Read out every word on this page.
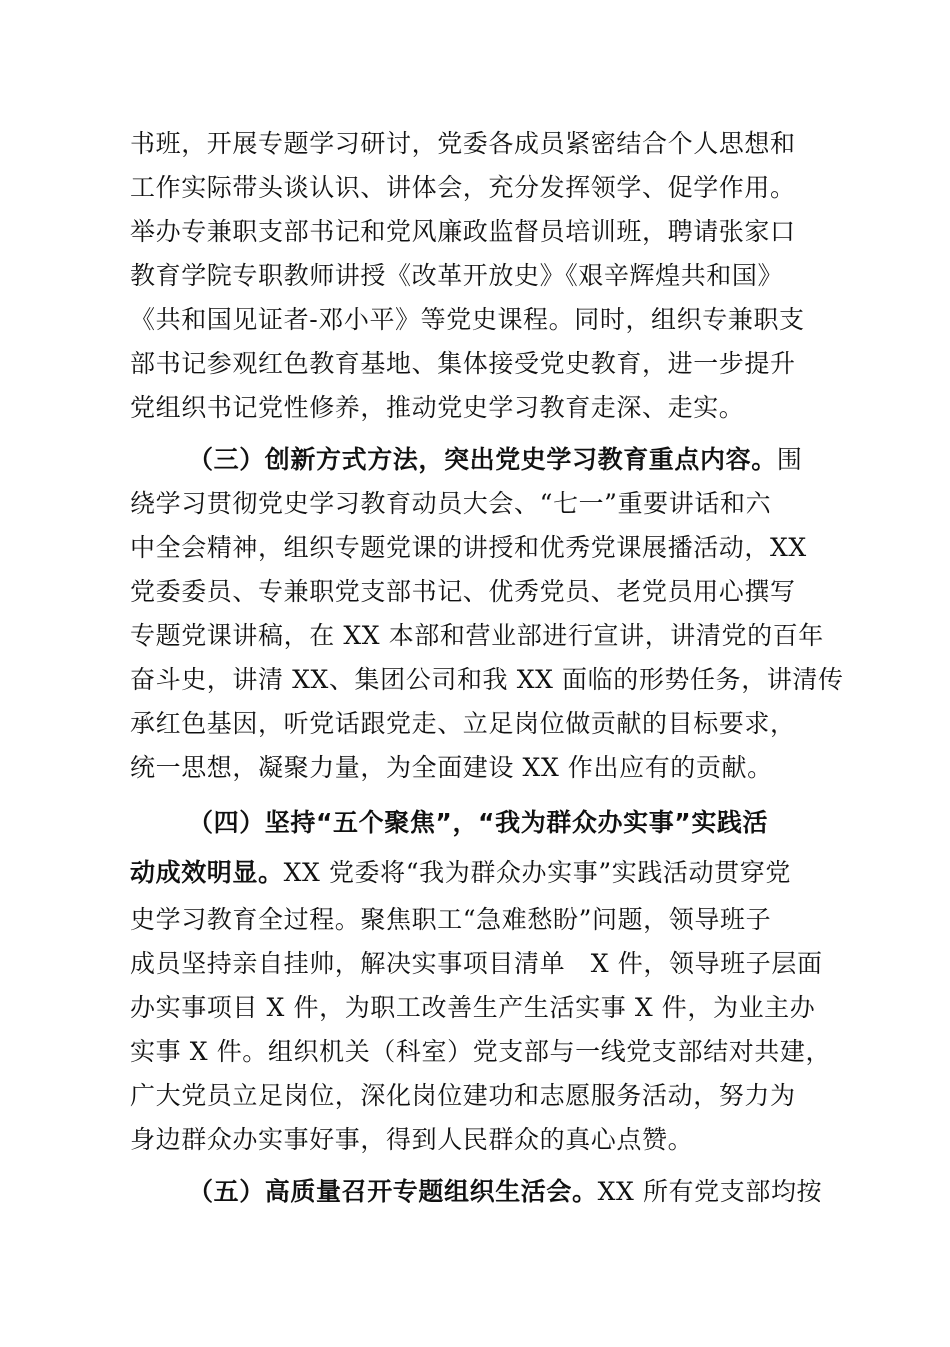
书班，开展专题学习研讨，党委各成员紧密结合个人思想和
工作实际带头谈认识、讲体会，充分发挥领学、促学作用。
举办专兼职支部书记和党风廉政监督员培训班，聘请张家口
教育学院专职教师讲授《改革开放史》《艰辛辉煌共和国》
《共和国见证者-邓小平》等党史课程。同时，组织专兼职支
部书记参观红色教育基地、集体接受党史教育，进一步提升
党组织书记党性修养，推动党史学习教育走深、走实。
（三）创新方式方法，突出党史学习教育重点内容。围
绕学习贯彻党史学习教育动员大会、“七一”重要讲话和六
中全会精神，组织专题党课的讲授和优秀党课展播活动，XX
党委委员、专兼职党支部书记、优秀党员、老党员用心撰写
专题党课讲稿，在 XX 本部和营业部进行宣讲，讲清党的百年
奋斗史，讲清 XX、集团公司和我 XX 面临的形势任务，讲清传
承红色基因，听党话跟党走、立足岗位做贡献的目标要求，
统一思想，凝聚力量，为全面建设 XX 作出应有的贡献。
（四）坚持“五个聚焦”，“我为群众办实事”实践活
动成效明显。XX 党委将“我为群众办实事”实践活动贯穿党
史学习教育全过程。聚焦职工“急难愁盼”问题，领导班子
成员坚持亲自挂帅，解决实事项目清单　X 件，领导班子层面
办实事项目 X 件，为职工改善生产生活实事 X 件，为业主办
实事 X 件。组织机关（科室）党支部与一线党支部结对共建，
广大党员立足岗位，深化岗位建功和志愿服务活动，努力为
身边群众办实事好事，得到人民群众的真心点赞。
（五）高质量召开专题组织生活会。XX 所有党支部均按
